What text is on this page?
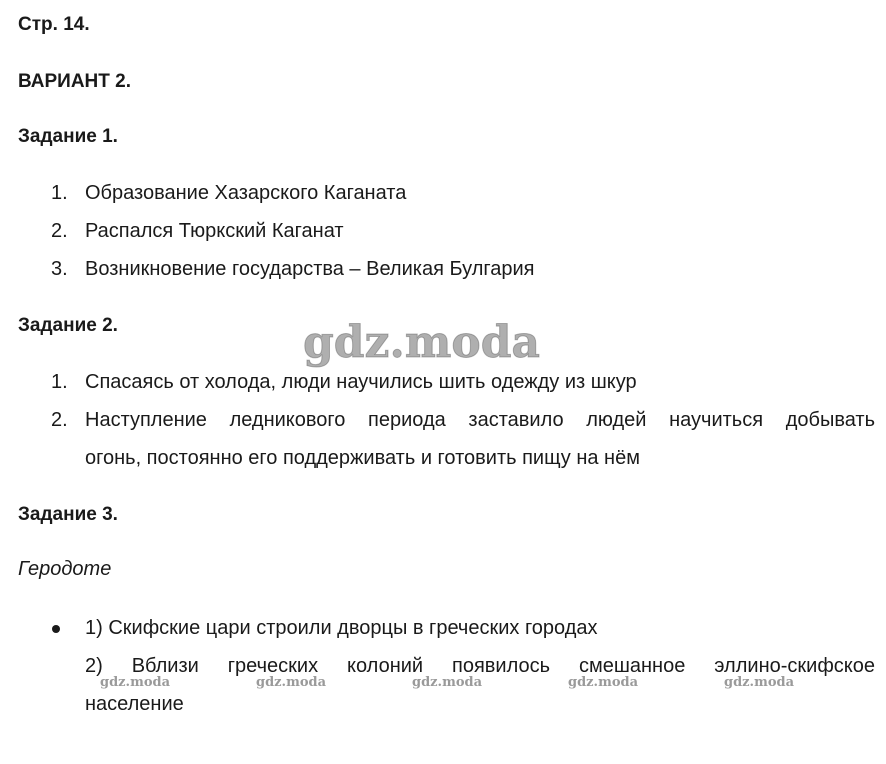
Стр. 14.
ВАРИАНТ 2.
Задание 1.
1. Образование Хазарского Каганата
2. Распался Тюркский Каганат
3. Возникновение государства – Великая Булгария
Задание 2.
1. Спасаясь от холода, люди научились шить одежду из шкур
2. Наступление ледникового периода заставило людей научиться добывать
огонь, постоянно его поддерживать и готовить пищу на нём
Задание 3.
Геродоте
1) Скифские цари строили дворцы в греческих городах
2) Вблизи греческих колоний появилось смешанное эллино-скифское
население
gdz.moda
gdz.moda	gdz.moda	gdz.moda	gdz.moda	gdz.moda
